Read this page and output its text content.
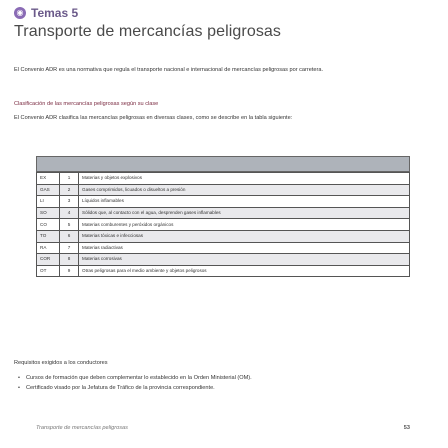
◉ Temas 5
Transporte de mercancías peligrosas
El Convenio ADR es una normativa que regula el transporte nacional e internacional de mercancías peligrosas por carretera.
Clasificación de las mercancías peligrosas según su clase
El Convenio ADR clasifica las mercancías peligrosas en diversas clases, como se describe en la tabla siguiente:
EX	1	Materias y objetos explosivos
GAS	2	Gases comprimidos, licuados o disueltos a presión
LI	3	Líquidos inflamables
SO	4	Sólidos que, al contacto con el agua, desprenden gases inflamables
CO	5	Materias comburentes y peróxidos orgánicos
TO	6	Materias tóxicas e infecciosas
RA	7	Materias radiactivas
COR	8	Materias corrosivas
OT	9	Otras peligrosas para el medio ambiente y objetos peligrosos
Requisitos exigidos a los conductores
• Cursos de formación que deben complementar lo establecido en la Orden Ministerial (OM).
• Certificado visado por la Jefatura de Tráfico de la provincia correspondiente.
Transporte de mercancías peligrosas	53
